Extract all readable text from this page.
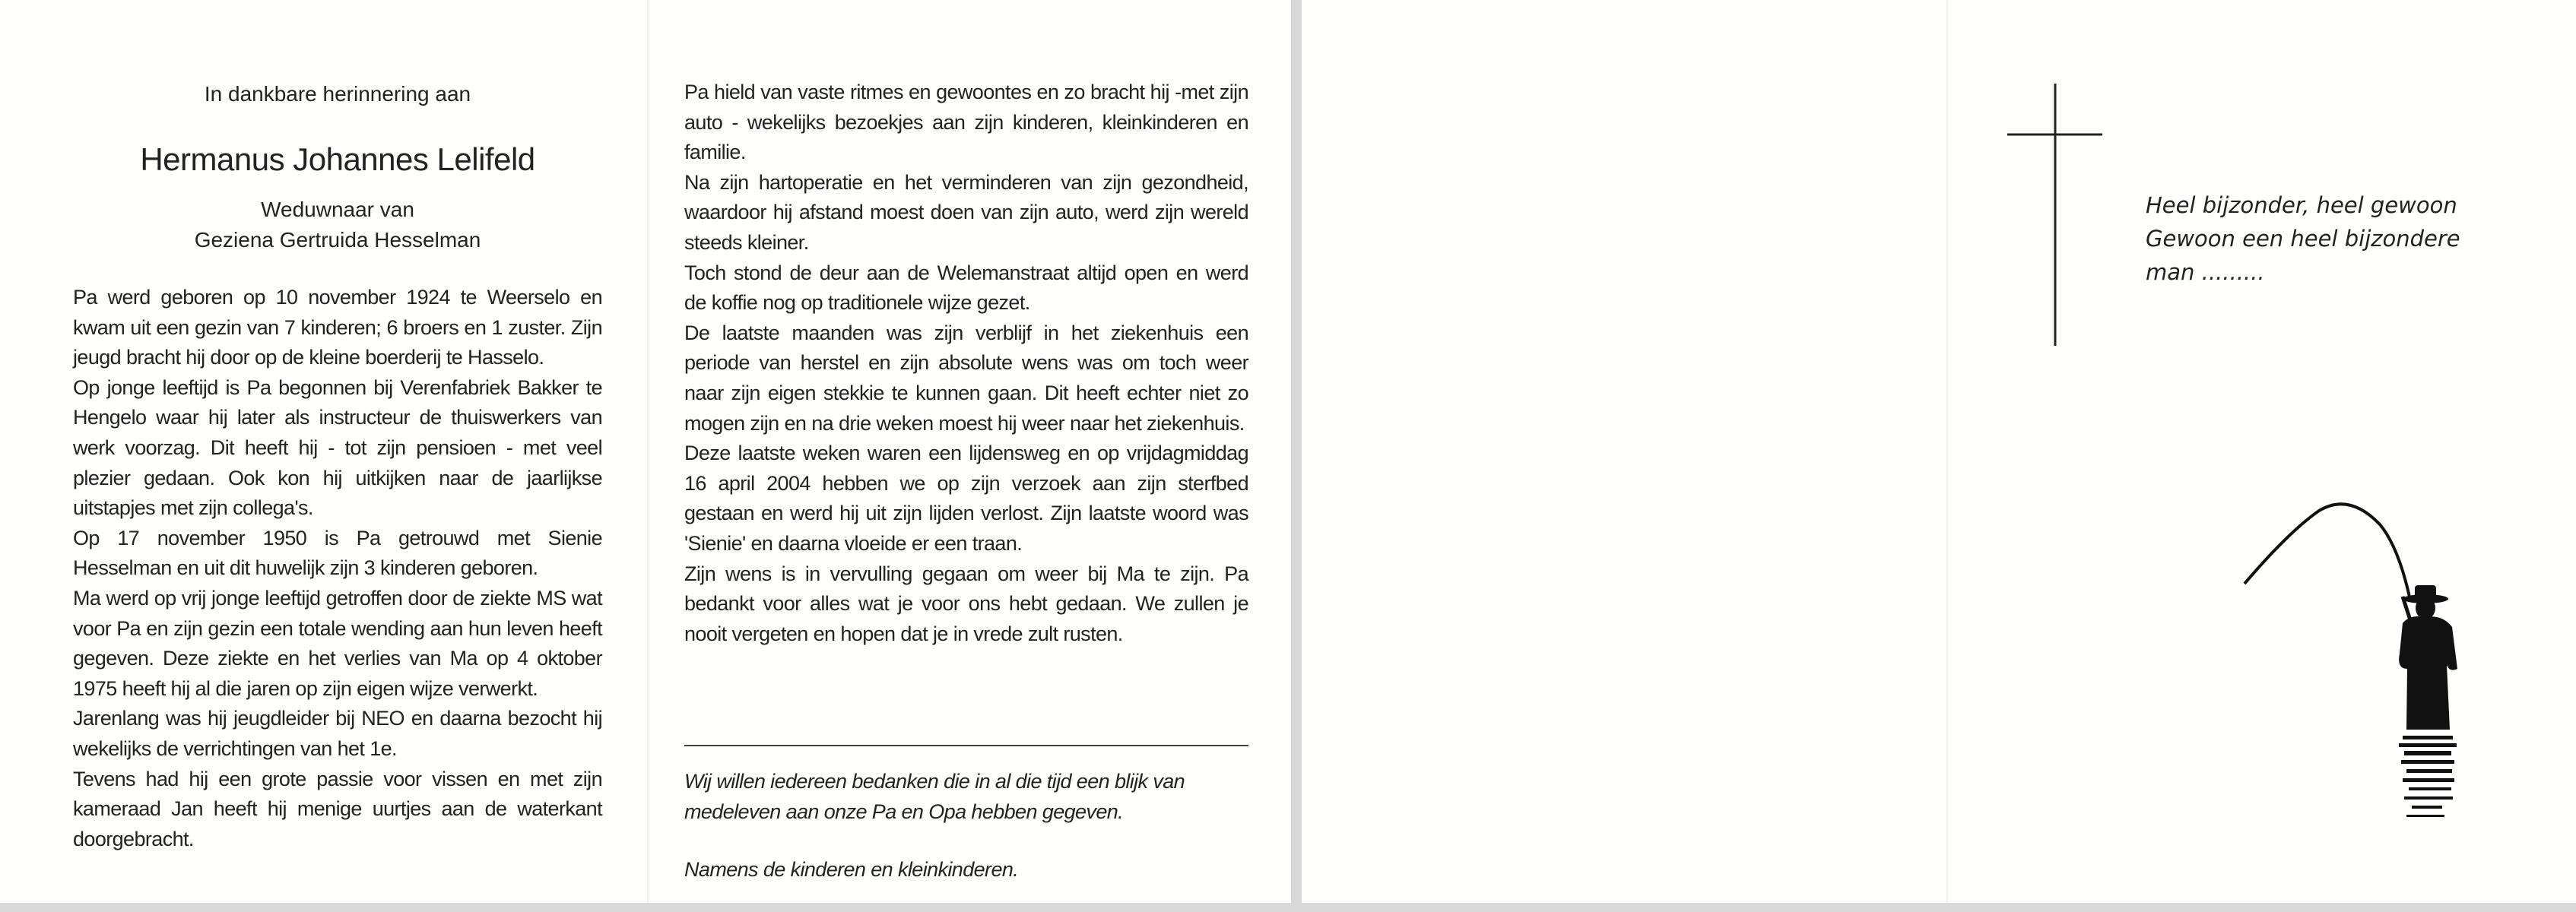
In dankbare herinnering aan
Hermanus Johannes Lelifeld
Weduwnaar van
Geziena Gertruida Hesselman

Pa werd geboren op 10 november 1924 te Weerselo en kwam uit een gezin van 7 kinderen; 6 broers en 1 zuster. Zijn jeugd bracht hij door op de kleine boerderij te Hasselo.

Op jonge leeftijd is Pa begonnen bij Verenfabriek Bakker te Hengelo waar hij later als instructeur de thuiswerkers van werk voorzag. Dit heeft hij - tot zijn pensioen - met veel plezier gedaan. Ook kon hij uitkijken naar de jaarlijkse uitstapjes met zijn collega's.

Op 17 november 1950 is Pa getrouwd met Sienie Hesselman en uit dit huwelijk zijn 3 kinderen geboren.

Ma werd op vrij jonge leeftijd getroffen door de ziekte MS wat voor Pa en zijn gezin een totale wending aan hun leven heeft gegeven. Deze ziekte en het verlies van Ma op 4 oktober 1975 heeft hij al die jaren op zijn eigen wijze verwerkt.

Jarenlang was hij jeugdleider bij NEO en daarna bezocht hij wekelijks de verrichtingen van het 1e.

Tevens had hij een grote passie voor vissen en met zijn kameraad Jan heeft hij menige uurtjes aan de waterkant doorgebracht.

Pa hield van vaste ritmes en gewoontes en zo bracht hij -met zijn auto - wekelijks bezoekjes aan zijn kinderen, kleinkinderen en familie.

Na zijn hartoperatie en het verminderen van zijn gezondheid, waardoor hij afstand moest doen van zijn auto, werd zijn wereld steeds kleiner.

Toch stond de deur aan de Welemanstraat altijd open en werd de koffie nog op traditionele wijze gezet.

De laatste maanden was zijn verblijf in het ziekenhuis een periode van herstel en zijn absolute wens was om toch weer naar zijn eigen stekkie te kunnen gaan. Dit heeft echter niet zo mogen zijn en na drie weken moest hij weer naar het ziekenhuis.

Deze laatste weken waren een lijdensweg en op vrijdagmiddag 16 april 2004 hebben we op zijn verzoek aan zijn sterfbed gestaan en werd hij uit zijn lijden verlost. Zijn laatste woord was 'Sienie' en daarna vloeide er een traan.

Zijn wens is in vervulling gegaan om weer bij Ma te zijn. Pa bedankt voor alles wat je voor ons hebt gedaan. We zullen je nooit vergeten en hopen dat je in vrede zult rusten.

Wij willen iedereen bedanken die in al die tijd een blijk van medeleven aan onze Pa en Opa hebben gegeven.
Namens de kinderen en kleinkinderen.
Heel bijzonder, heel gewoon
Gewoon een heel bijzondere
man .........
